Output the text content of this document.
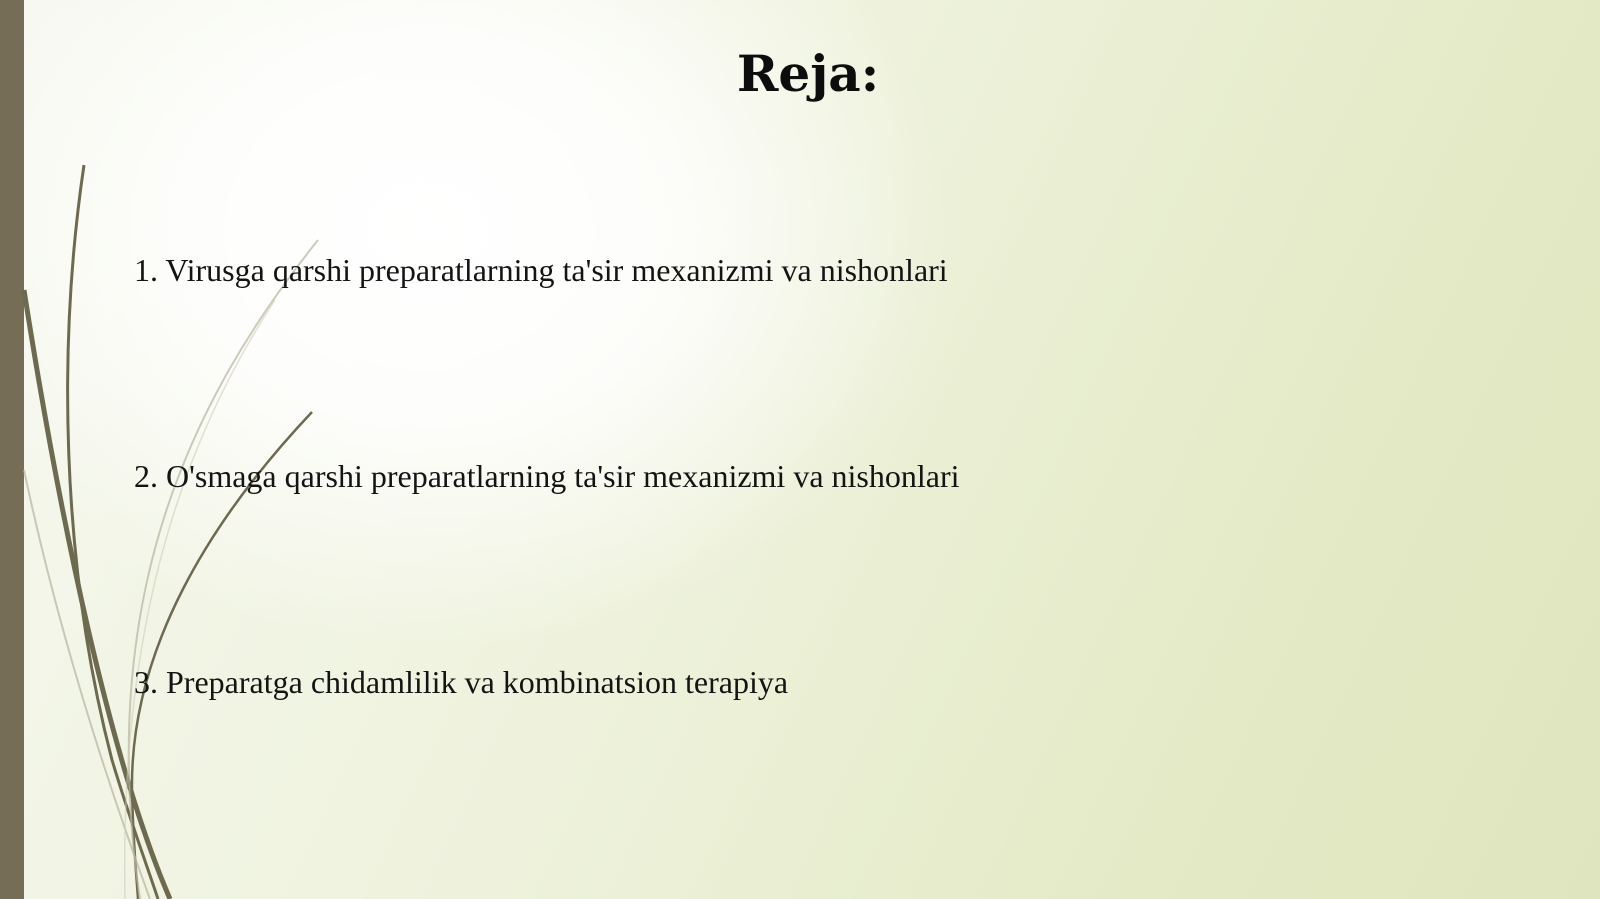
Reja:
1. Virusga qarshi preparatlarning ta'sir mexanizmi va nishonlari
2. O'smaga qarshi preparatlarning ta'sir mexanizmi va nishonlari
3. Preparatga chidamlilik va kombinatsion terapiya
